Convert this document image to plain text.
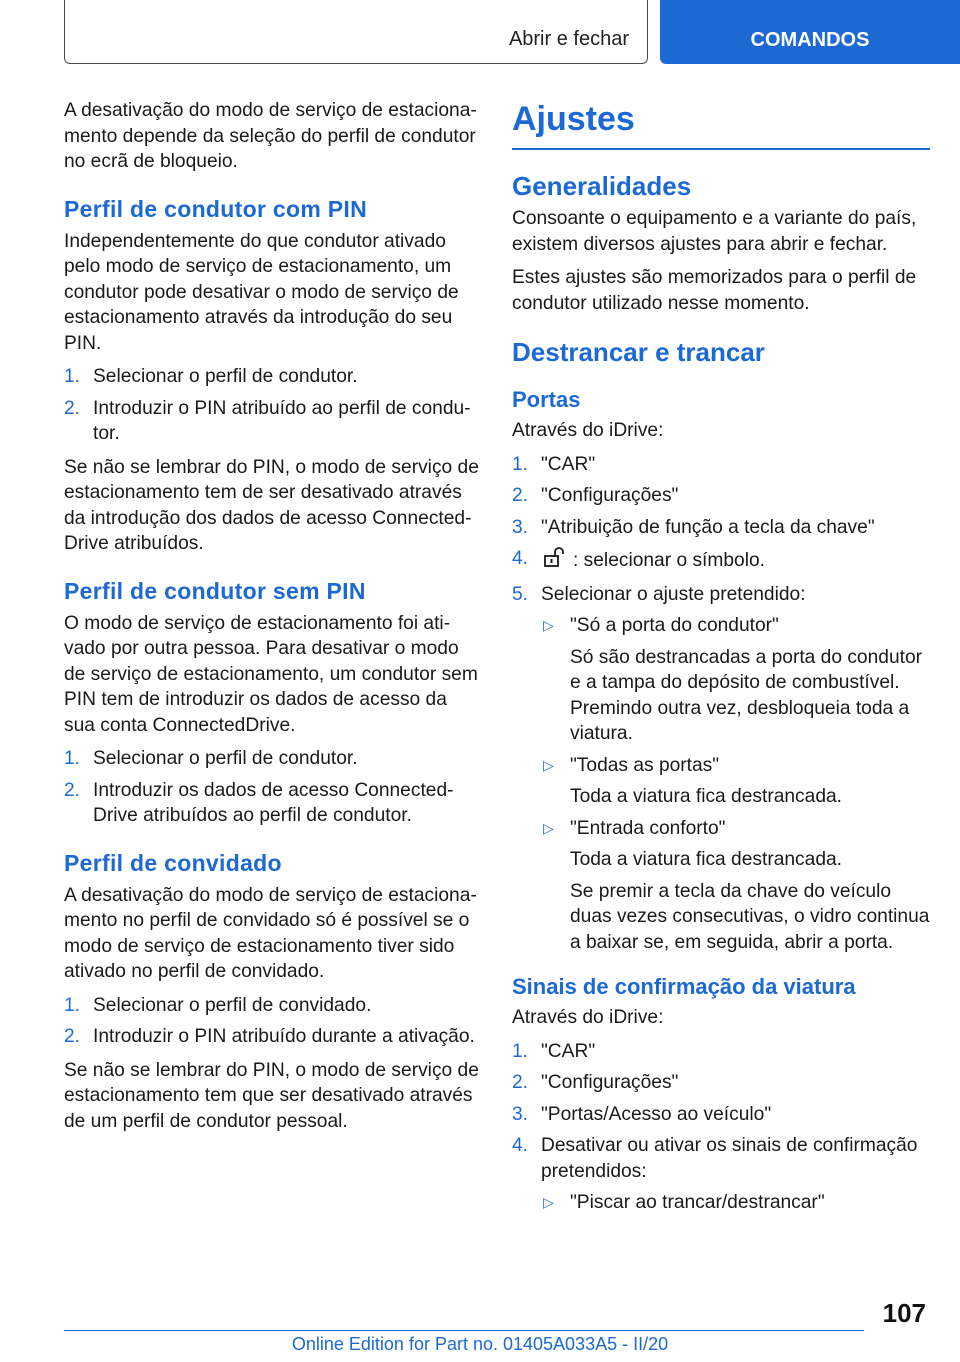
Abrir e fechar	COMANDOS

A desativação do modo de serviço de estaciona-mento depende da seleção do perfil de condutor no ecrã de bloqueio.

Perfil de condutor com PIN

Independentemente do que condutor ativado pelo modo de serviço de estacionamento, um condutor pode desativar o modo de serviço de estacionamento através da introdução do seu PIN.

1. Selecionar o perfil de condutor.
2. Introduzir o PIN atribuído ao perfil de condu-tor.

Se não se lembrar do PIN, o modo de serviço de estacionamento tem de ser desativado através da introdução dos dados de acesso Connected-Drive atribuídos.

Perfil de condutor sem PIN

O modo de serviço de estacionamento foi ati-vado por outra pessoa. Para desativar o modo de serviço de estacionamento, um condutor sem PIN tem de introduzir os dados de acesso da sua conta ConnectedDrive.

1. Selecionar o perfil de condutor.
2. Introduzir os dados de acesso Connected-Drive atribuídos ao perfil de condutor.
Perfil de convidado

A desativação do modo de serviço de estaciona-mento no perfil de convidado só é possível se o modo de serviço de estacionamento tiver sido ativado no perfil de convidado.

1. Selecionar o perfil de convidado.
2. Introduzir o PIN atribuído durante a ativação.

Se não se lembrar do PIN, o modo de serviço de estacionamento tem que ser desativado através de um perfil de condutor pessoal.

Ajustes
Generalidades

Consoante o equipamento e a variante do país, existem diversos ajustes para abrir e fechar.

Estes ajustes são memorizados para o perfil de condutor utilizado nesse momento.

Destrancar e trancar
Portas

Através do iDrive:

1. "CAR"
2. "Configurações"
3. "Atribuição de função a tecla da chave"
4. : selecionar o símbolo.
5. Selecionar o ajuste pretendido:
▷ "Só a porta do condutor"

Só são destrancadas a porta do condutor e a tampa do depósito de combustível. Premindo outra vez, desbloqueia toda a viatura.

▷ "Todas as portas"

Toda a viatura fica destrancada.

▷ "Entrada conforto"

Toda a viatura fica destrancada.

Se premir a tecla da chave do veículo duas vezes consecutivas, o vidro continua a baixar se, em seguida, abrir a porta.

Sinais de confirmação da viatura

Através do iDrive:

1. "CAR"
2. "Configurações"
3. "Portas/Acesso ao veículo"
4. Desativar ou ativar os sinais de confirmação pretendidos:
▷ "Piscar ao trancar/destrancar"
107
Online Edition for Part no. 01405A033A5 - II/20
